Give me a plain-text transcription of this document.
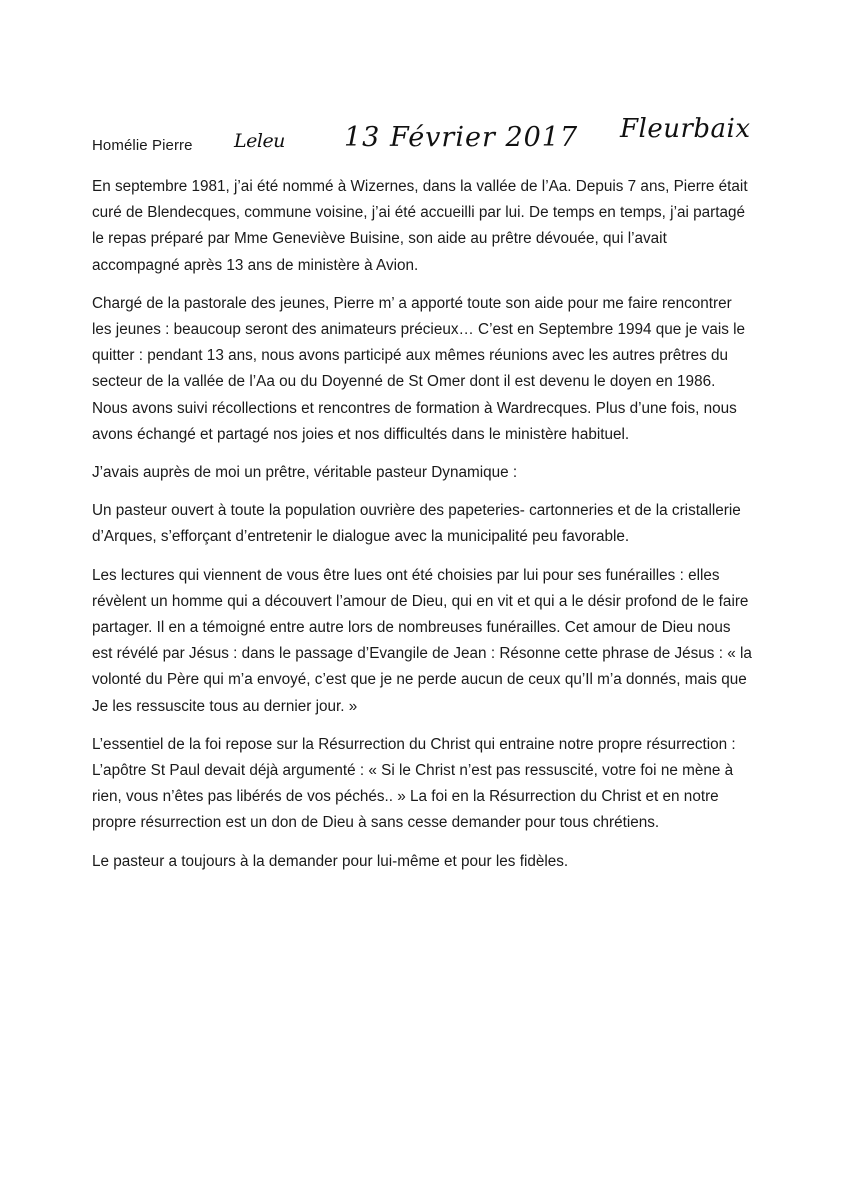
Homélie Pierre Leleu 13 Février 2017 Fleurbaix

En septembre 1981, j’ai été nommé à Wizernes, dans la vallée de l’Aa. Depuis 7 ans, Pierre était curé de Blendecques, commune voisine, j’ai été accueilli par lui. De temps en temps, j’ai partagé le repas préparé par Mme Geneviève Buisine, son aide au prêtre dévouée, qui l’avait accompagné après 13 ans de ministère à Avion.

Chargé de la pastorale des jeunes, Pierre m’ a apporté toute son aide pour me faire rencontrer les jeunes : beaucoup seront des animateurs précieux… C’est en Septembre 1994 que je vais le quitter : pendant 13 ans, nous avons participé aux mêmes réunions avec les autres prêtres du secteur de la vallée de l’Aa ou du Doyenné de St Omer dont il est devenu le doyen en 1986. Nous avons suivi récollections et rencontres de formation à Wardrecques. Plus d’une fois, nous avons échangé et partagé nos joies et nos difficultés dans le ministère habituel.

J’avais auprès de moi un prêtre, véritable pasteur Dynamique :

Un pasteur ouvert à toute la population ouvrière des papeteries- cartonneries et de la cristallerie d’Arques, s’efforçant d’entretenir le dialogue avec la municipalité peu favorable.

Les lectures qui viennent de vous être lues ont été choisies par lui pour ses funérailles : elles révèlent un homme qui a découvert l’amour de Dieu, qui en vit et qui a le désir profond de le faire partager. Il en a témoigné entre autre lors de nombreuses funérailles. Cet amour de Dieu nous est révélé par Jésus : dans le passage d’Evangile de Jean : Résonne cette phrase de Jésus : « la volonté du Père qui m’a envoyé, c’est que je ne perde aucun de ceux qu’Il m’a donnés, mais que Je les ressuscite tous au dernier jour. »

L’essentiel de la foi repose sur la Résurrection du Christ qui entraine notre propre résurrection : L’apôtre St Paul devait déjà argumenté : « Si le Christ n’est pas ressuscité, votre foi ne mène à rien, vous n’êtes pas libérés de vos péchés.. » La foi en la Résurrection du Christ et en notre propre résurrection est un don de Dieu à sans cesse demander pour tous chrétiens.

Le pasteur a toujours à la demander pour lui-même et pour les fidèles.
